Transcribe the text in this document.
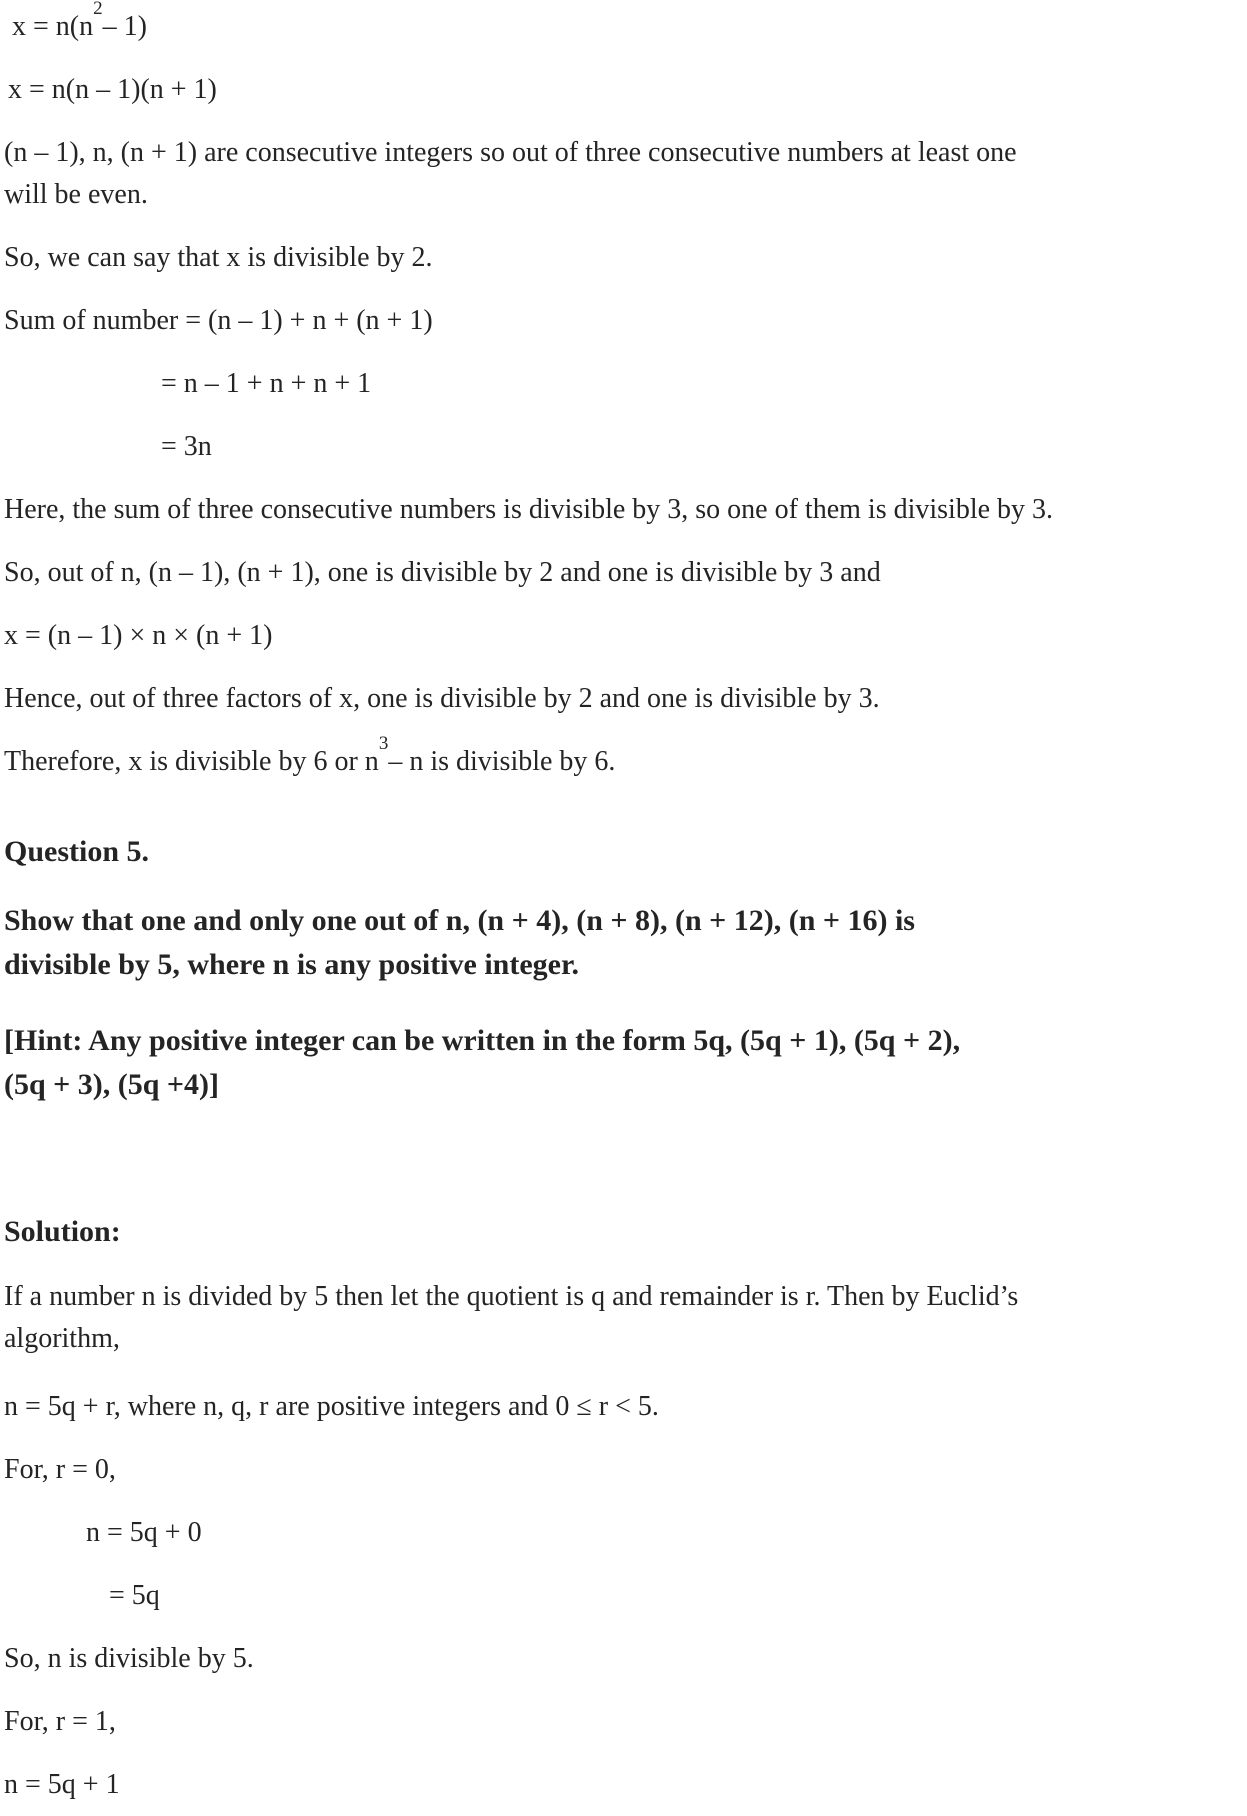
$x = n(n^2-$ 1)
x = n(n – 1)(n + 1)
(n – 1), n, (n + 1) are consecutive integers so out of three consecutive numbers at least one
will be even.
So, we can say that x is divisible by 2.
Sum of number = (n – 1) + n + (n + 1)
= n – 1 + n + n + 1
= 3n
Here, the sum of three consecutive numbers is divisible by 3, so one of them is divisible by 3.
So, out of n, (n – 1), (n + 1), one is divisible by 2 and one is divisible by 3 and
x = (n – 1) × n × (n + 1)
Hence, out of three factors of x, one is divisible by 2 and one is divisible by 3.
Therefore, x is divisible by 6 or $n^3-$ n is divisible by 6.
Question 5.
Show that one and only one out of n, (n + 4), (n + 8), (n + 12), (n + 16) is
divisible by 5, where n is any positive integer.
[Hint: Any positive integer can be written in the form 5q, (5q + 1), (5q + 2),
(5q + 3), (5q +4)]
Solution:
If a number n is divided by 5 then let the quotient is q and remainder is r. Then by Euclid’s
algorithm,
n = 5q + r, where n, q, r are positive integers and 0 ≤ r < 5.
For, r = 0,
n = 5q + 0
= 5q
So, n is divisible by 5.
For, r = 1,
n = 5q + 1
